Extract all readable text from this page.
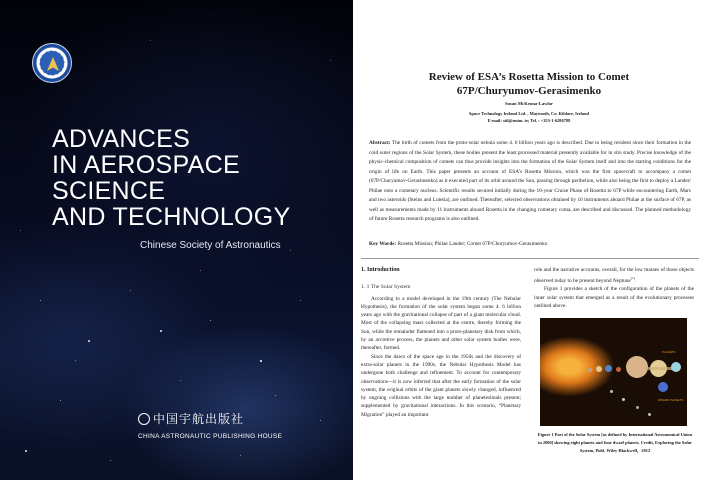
ADVANCES
IN AEROSPACE
SCIENCE
AND TECHNOLOGY
Chinese Society of Astronautics
中国宇航出版社
CHINA ASTRONAUTIC PUBLISHING HOUSE
Review of ESA’s Rosetta Mission to Comet
67P/Churyumov-Gerasimenko
Susan McKenna-Lawlor
Space Technology Ireland Ltd. , Maynooth, Co. Kildare, Ireland
E-mail: stil@nuim. ie; Tel. : +353-1-6286788
Abstract: The birth of comets from the proto-solar nebula some 4. 6 billion years ago is described. Due to being resident since their formation in the cold outer regions of the Solar System, these bodies present the least processed material presently available for in situ study. Precise knowledge of the physic-chemical composition of comets can thus provide insights into the formation of the Solar System itself and into the starting conditions for the origin of life on Earth. This paper presents an account of ESA’s Rosetta Mission, which was the first spacecraft to accompany a comet (67P/Churyumov-Gerasimenko) as it executed part of its orbit around the Sun, passing through perihelion, while also being the first to deploy a Lander/ Philae onto a cometary nucleus. Scientific results secured initially during the 10-year Cruise Phase of Rosetta to 67P while encountering Earth, Mars and two asteroids (Steins and Lutetia), are outlined. Thereafter, selected observations obtained by 10 instruments aboard Philae at the surface of 67P, as well as measurements made by 11 instruments aboard Rosetta in the changing cometary coma, are described and discussed. The planned methodology of future Rosetta research programs is also outlined.
Key Words: Rosetta Mission; Philae Lander; Comet 67P/Churyumov-Gerasimenko
1. Introduction
1. 1 The Solar System
According to a model developed in the 19th century (The Nebular Hypothesis), the formation of the solar system began some 4. 6 billion years ago with the gravitational collapse of part of a giant molecular cloud. Most of the collapsing mass collected at the centre, thereby forming the Sun, while the remainder flattened into a proto-planetary disk from which, by an accretive process, the planets and other solar system bodies were, thereafter, formed.
Since the dawn of the space age in the 1950s and the discovery of extra-solar planets in the 1990s, the Nebular Hypothesis Model has undergone both challenge and refinement. To account for contemporary observations—it is now inferred that after the early formation of the solar system, the original orbits of the giant planets slowly changed, influenced by ongoing collisions with the large number of planetesimals present; supplemented by gravitational interactions. In this scenario, “Planetary Migration” played an important
role and the narrative accounts, overall, for the low masses of those objects observed today to be present beyond Neptune[1].
Figure 1 provides a sketch of the configuration of the planets of the inner solar system that emerged as a result of the evolutionary processes outlined above.
PLANETS
DWARF PLANETS
Figure 1 Part of the Solar System [as defined by International Astronomical Union in 2006] showing eight planets and four dwarf planets. Credit, Exploring the Solar System, Publ. Wiley-Blackwell，2012
